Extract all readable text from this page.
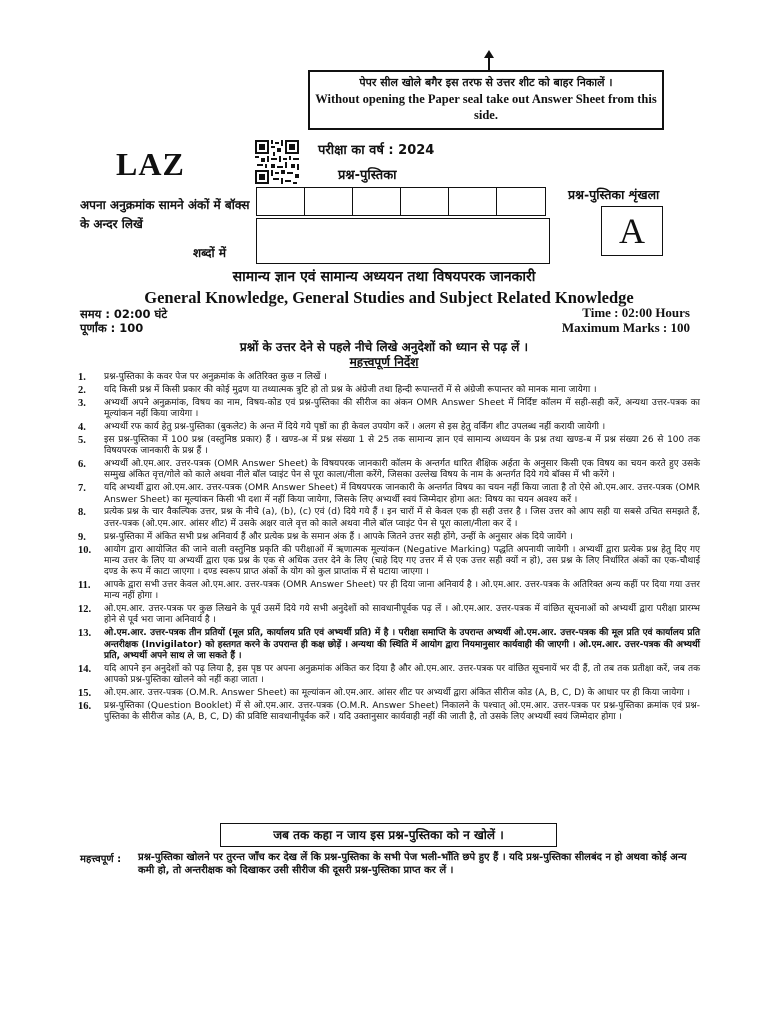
पेपर सील खोले बगैर इस तरफ से उत्तर शीट को बाहर निकालें ।
Without opening the Paper seal take out Answer Sheet from this side.
LAZ	परीक्षा का वर्ष : 2024
प्रश्न-पुस्तिका
अपना अनुक्रमांक सामने अंकों में बॉक्स के अन्दर लिखें
शब्दों में
प्रश्न-पुस्तिका शृंखला
A
सामान्य ज्ञान एवं सामान्य अध्ययन तथा विषयपरक जानकारी
General Knowledge, General Studies and Subject Related Knowledge
समय : 02:00 घंटे
पूर्णांक : 100
Time : 02:00 Hours
Maximum Marks : 100
प्रश्नों के उत्तर देने से पहले नीचे लिखे अनुदेशों को ध्यान से पढ़ लें ।
महत्त्वपूर्ण निर्देश
1.	प्रश्न-पुस्तिका के कवर पेज पर अनुक्रमांक के अतिरिक्त कुछ न लिखें ।
2.	यदि किसी प्रश्न में किसी प्रकार की कोई मुद्रण या तथ्यात्मक त्रुटि हो तो प्रश्न के अंग्रेजी तथा हिन्दी रूपान्तरों में से अंग्रेजी रूपान्तर को मानक माना जायेगा ।
3.	अभ्यर्थी अपने अनुक्रमांक, विषय का नाम, विषय-कोड एवं प्रश्न-पुस्तिका की सीरीज का अंकन OMR Answer Sheet में निर्दिष्ट कॉलम में सही-सही करें, अन्यथा उत्तर-पत्रक का मूल्यांकन नहीं किया जायेगा ।
4.	अभ्यर्थी रफ कार्य हेतु प्रश्न-पुस्तिका (बुकलेट) के अन्त में दिये गये पृष्ठों का ही केवल उपयोग करें । अलग से इस हेतु वर्किंग शीट उपलब्ध नहीं करायी जायेगी ।
5.	इस प्रश्न-पुस्तिका में 100 प्रश्न (वस्तुनिष्ठ प्रकार) हैं । खण्ड-अ में प्रश्न संख्या 1 से 25 तक सामान्य ज्ञान एवं सामान्य अध्ययन के प्रश्न तथा खण्ड-ब में प्रश्न संख्या 26 से 100 तक विषयपरक जानकारी के प्रश्न हैं ।
6.	अभ्यर्थी ओ.एम.आर. उत्तर-पत्रक (OMR Answer Sheet) के विषयपरक जानकारी कॉलम के अन्तर्गत धारित शैक्षिक अर्हता के अनुसार किसी एक विषय का चयन करते हुए उसके सम्मुख अंकित वृत्त/गोले को काले अथवा नीले बॉल प्वाइंट पेन से पूरा काला/नीला करेंगे, जिसका उल्लेख विषय के नाम के अन्तर्गत दिये गये बॉक्स में भी करेंगे ।
7.	यदि अभ्यर्थी द्वारा ओ.एम.आर. उत्तर-पत्रक (OMR Answer Sheet) में विषयपरक जानकारी के अन्तर्गत विषय का चयन नहीं किया जाता है तो ऐसे ओ.एम.आर. उत्तर-पत्रक (OMR Answer Sheet) का मूल्यांकन किसी भी दशा में नहीं किया जायेगा, जिसके लिए अभ्यर्थी स्वयं जिम्मेदार होगा अत: विषय का चयन अवश्य करें ।
8.	प्रत्येक प्रश्न के चार वैकल्पिक उत्तर, प्रश्न के नीचे (a), (b), (c) एवं (d) दिये गये हैं । इन चारों में से केवल एक ही सही उत्तर है । जिस उत्तर को आप सही या सबसे उचित समझते हैं, उत्तर-पत्रक (ओ.एम.आर. आंसर शीट) में उसके अक्षर वाले वृत्त को काले अथवा नीले बॉल प्वाइंट पेन से पूरा काला/नीला कर दें ।
9.	प्रश्न-पुस्तिका में अंकित सभी प्रश्न अनिवार्य हैं और प्रत्येक प्रश्न के समान अंक हैं । आपके जितने उत्तर सही होंगे, उन्हीं के अनुसार अंक दिये जायेंगे ।
10.	आयोग द्वारा आयोजित की जाने वाली वस्तुनिष्ठ प्रकृति की परीक्षाओं में ऋणात्मक मूल्यांकन (Negative Marking) पद्धति अपनायी जायेगी । अभ्यर्थी द्वारा प्रत्येक प्रश्न हेतु दिए गए मान्य उत्तर के लिए या अभ्यर्थी द्वारा एक प्रश्न के एक से अधिक उत्तर देने के लिए (चाहे दिए गए उत्तर में से एक उत्तर सही क्यों न हो), उस प्रश्न के लिए निर्धारित अंकों का एक-चौथाई दण्ड के रूप में काटा जाएगा । दण्ड स्वरूप प्राप्त अंकों के योग को कुल प्राप्तांक में से घटाया जाएगा ।
11.	आपके द्वारा सभी उत्तर केवल ओ.एम.आर. उत्तर-पत्रक (OMR Answer Sheet) पर ही दिया जाना अनिवार्य है । ओ.एम.आर. उत्तर-पत्रक के अतिरिक्त अन्य कहीं पर दिया गया उत्तर मान्य नहीं होगा ।
12.	ओ.एम.आर. उत्तर-पत्रक पर कुछ लिखने के पूर्व उसमें दिये गये सभी अनुदेशों को सावधानीपूर्वक पढ़ लें । ओ.एम.आर. उत्तर-पत्रक में वांछित सूचनाओं को अभ्यर्थी द्वारा परीक्षा प्रारम्भ होने से पूर्व भरा जाना अनिवार्य है ।
13.	ओ.एम.आर. उत्तर-पत्रक तीन प्रतियों (मूल प्रति, कार्यालय प्रति एवं अभ्यर्थी प्रति) में है । परीक्षा समाप्ति के उपरान्त अभ्यर्थी ओ.एम.आर. उत्तर-पत्रक की मूल प्रति एवं कार्यालय प्रति अन्तरीक्षक (Invigilator) को हस्तगत करने के उपरान्त ही कक्ष छोड़ें । अन्यथा की स्थिति में आयोग द्वारा नियमानुसार कार्यवाही की जाएगी । ओ.एम.आर. उत्तर-पत्रक की अभ्यर्थी प्रति, अभ्यर्थी अपने साथ ले जा सकते हैं ।
14.	यदि आपने इन अनुदेशों को पढ़ लिया है, इस पृष्ठ पर अपना अनुक्रमांक अंकित कर दिया है और ओ.एम.आर. उत्तर-पत्रक पर वांछित सूचनायें भर दी हैं, तो तब तक प्रतीक्षा करें, जब तक आपको प्रश्न-पुस्तिका खोलने को नहीं कहा जाता ।
15.	ओ.एम.आर. उत्तर-पत्रक (O.M.R. Answer Sheet) का मूल्यांकन ओ.एम.आर. आंसर शीट पर अभ्यर्थी द्वारा अंकित सीरीज कोड (A, B, C, D) के आधार पर ही किया जायेगा ।
16.	प्रश्न-पुस्तिका (Question Booklet) में से ओ.एम.आर. उत्तर-पत्रक (O.M.R. Answer Sheet) निकालने के पश्चात् ओ.एम.आर. उत्तर-पत्रक पर प्रश्न-पुस्तिका क्रमांक एवं प्रश्न-पुस्तिका के सीरीज कोड (A, B, C, D) की प्रविष्टि सावधानीपूर्वक करें । यदि उक्तानुसार कार्यवाही नहीं की जाती है, तो उसके लिए अभ्यर्थी स्वयं जिम्मेदार होगा ।
जब तक कहा न जाय इस प्रश्न-पुस्तिका को न खोलें ।
महत्त्वपूर्ण : प्रश्न-पुस्तिका खोलने पर तुरन्त जाँच कर देख लें कि प्रश्न-पुस्तिका के सभी पेज भली-भाँति छपे हुए हैं । यदि प्रश्न-पुस्तिका सीलबंद न हो अथवा कोई अन्य कमी हो, तो अन्तरीक्षक को दिखाकर उसी सीरीज की दूसरी प्रश्न-पुस्तिका प्राप्त कर लें ।
